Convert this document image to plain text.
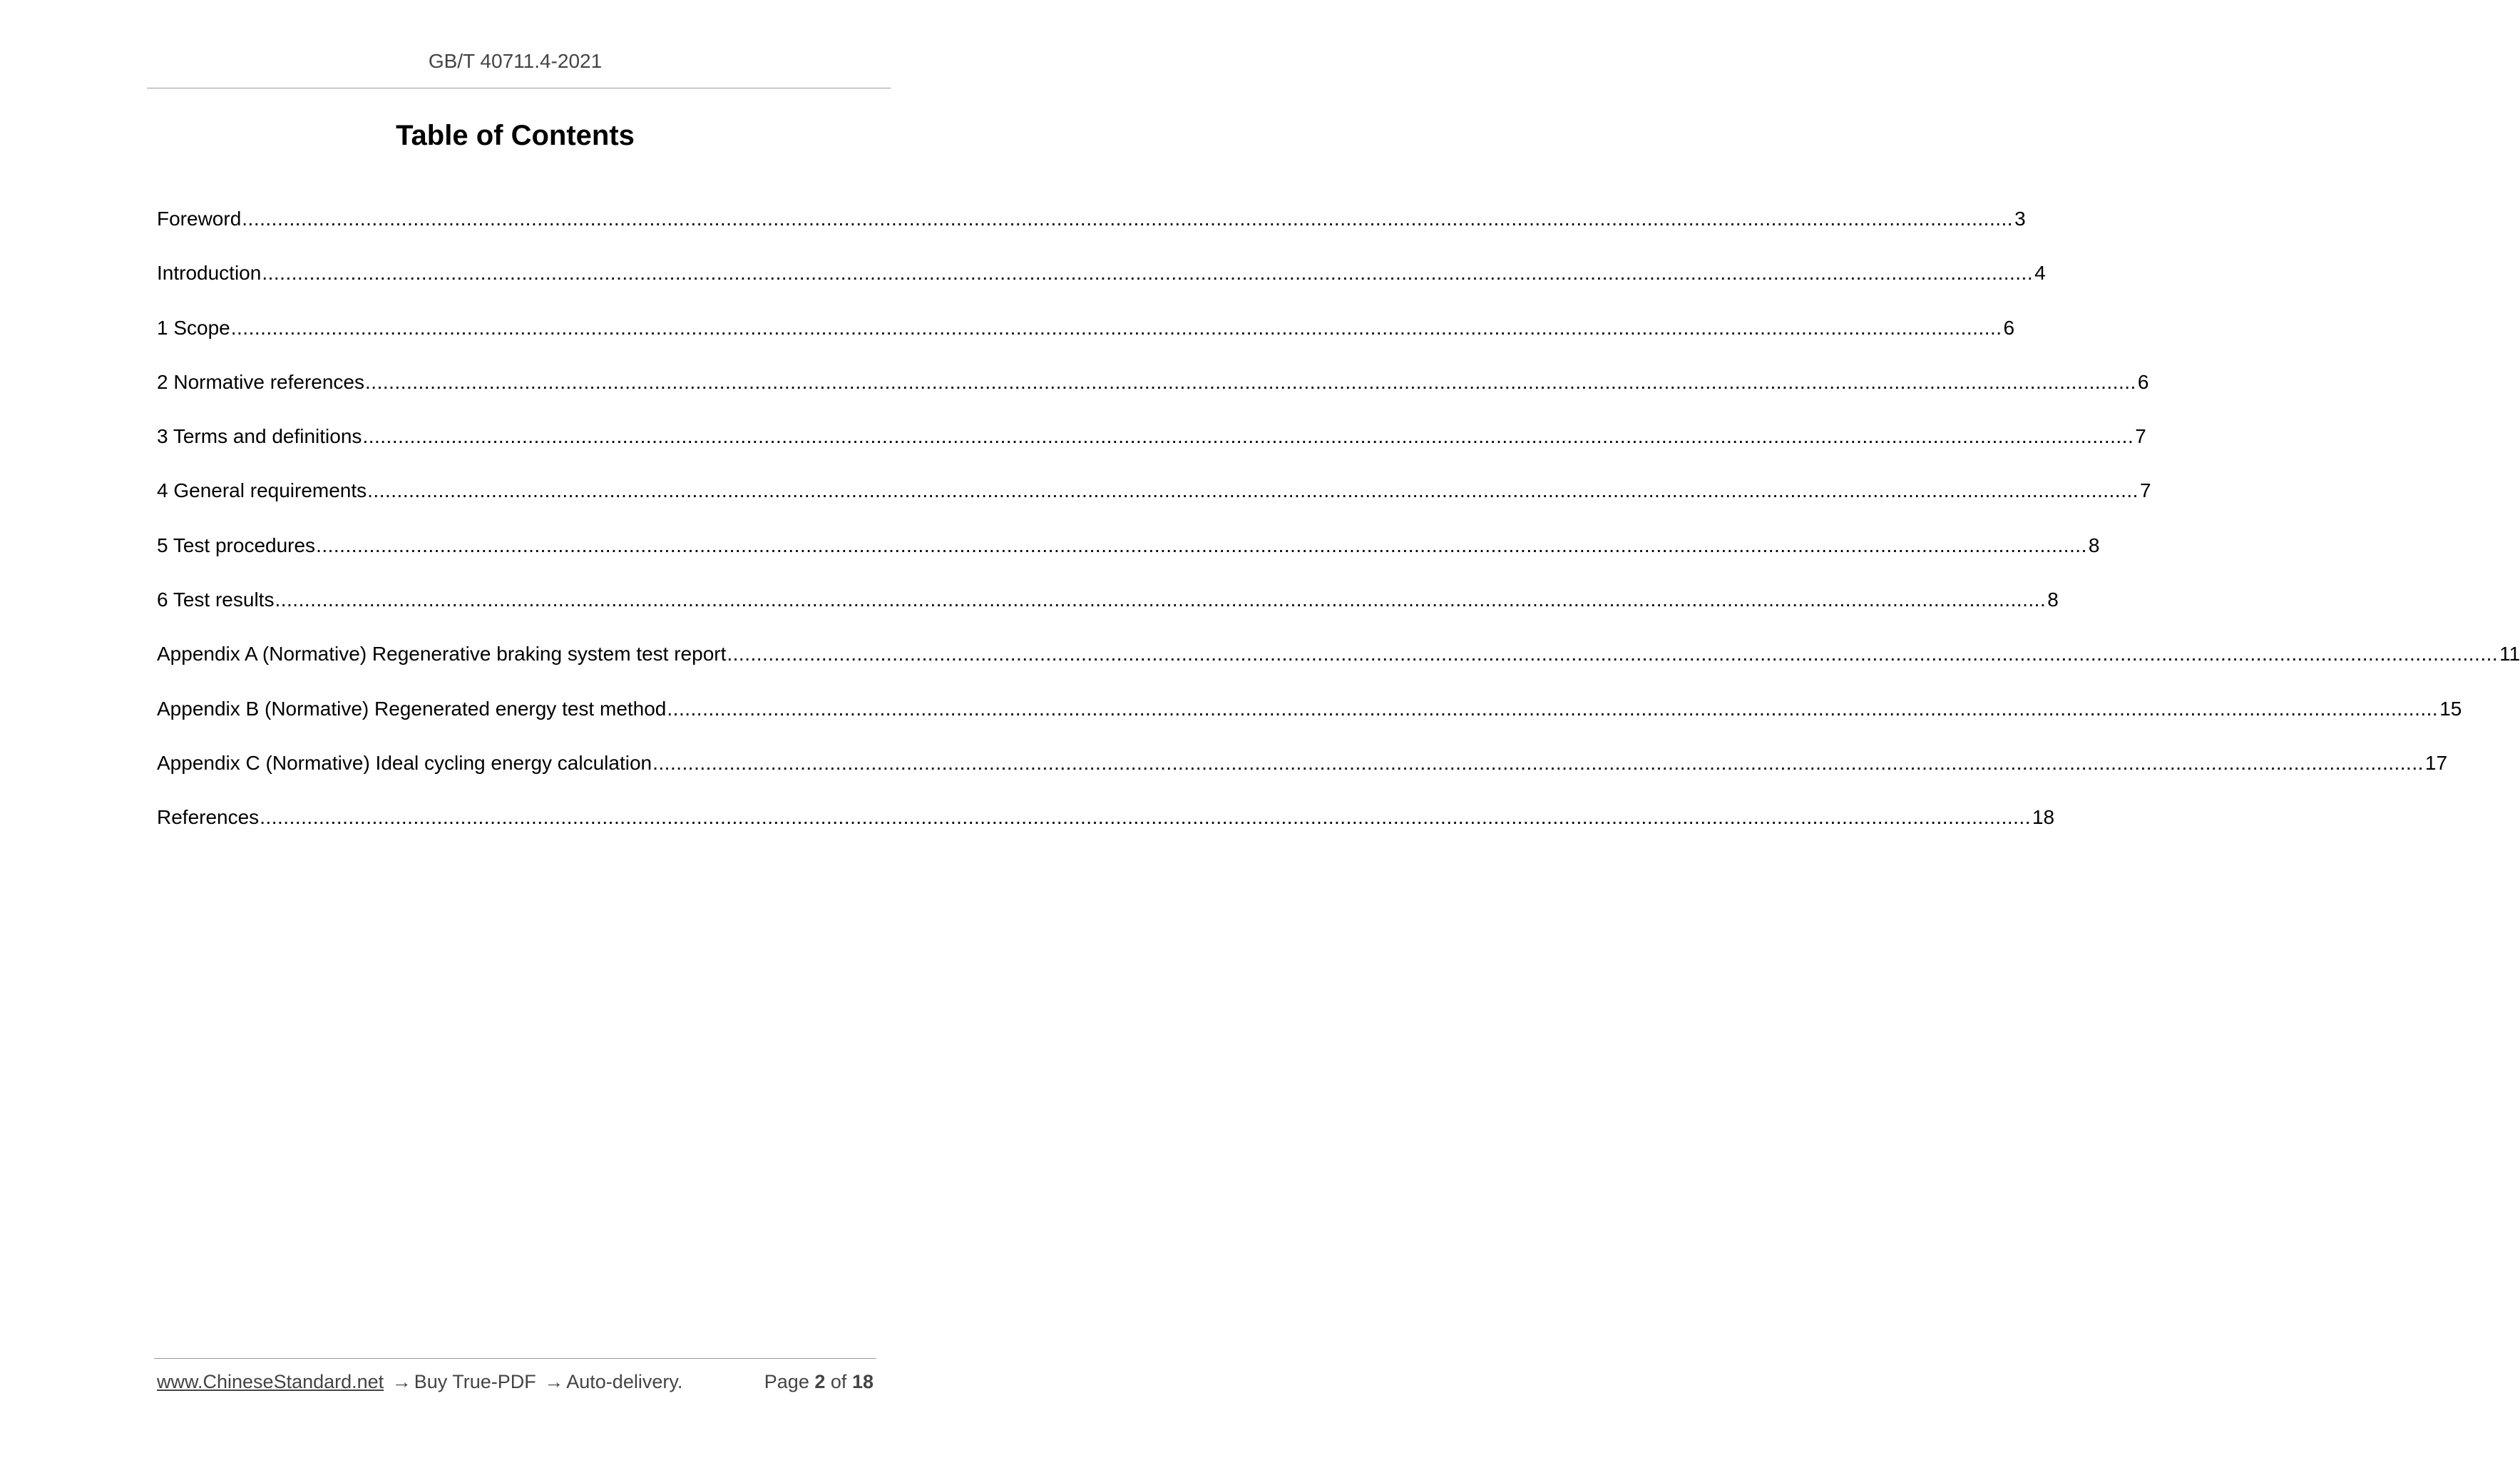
GB/T 40711.4-2021
Table of Contents
Foreword ............................................................................................................................................................................................................................................................................................................ 3
Introduction ............................................................................................................................................................................................................................................................................................................ 4
1 Scope ............................................................................................................................................................................................................................................................................................................ 6
2 Normative references ............................................................................................................................................................................................................................................................................................................ 6
3 Terms and definitions ............................................................................................................................................................................................................................................................................................................ 7
4 General requirements ............................................................................................................................................................................................................................................................................................................ 7
5 Test procedures ............................................................................................................................................................................................................................................................................................................ 8
6 Test results ............................................................................................................................................................................................................................................................................................................ 8
Appendix A (Normative) Regenerative braking system test report ............................................................................................................................................................................................................................................................................................................ 11
Appendix B (Normative) Regenerated energy test method ............................................................................................................................................................................................................................................................................................................ 15
Appendix C (Normative) Ideal cycling energy calculation ............................................................................................................................................................................................................................................................................................................ 17
References ............................................................................................................................................................................................................................................................................................................ 18
www.ChineseStandard.net → Buy True-PDF → Auto-delivery.	Page 2 of 18
